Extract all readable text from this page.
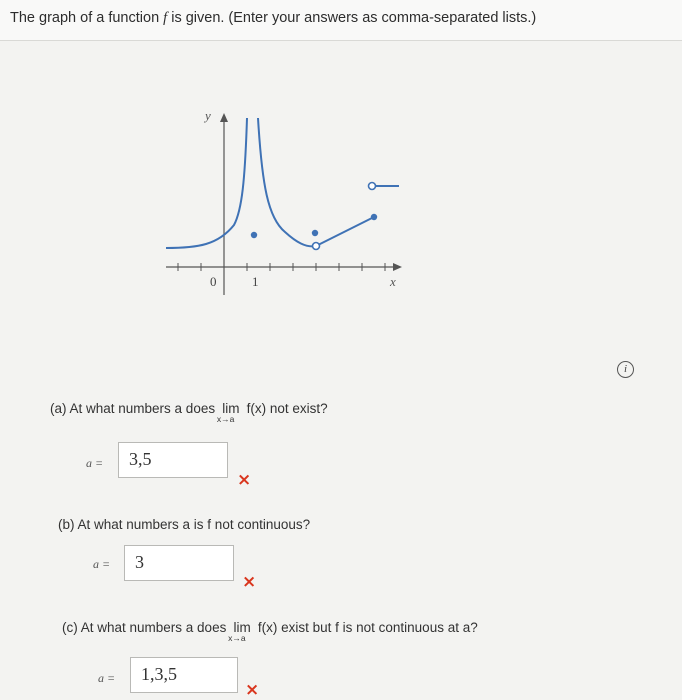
The graph of a function f is given. (Enter your answers as comma-separated lists.)
y
x
0	1
i
(a) At what numbers a does lim
x→a
f(x) not exist?
a =	3,5
×
(b) At what numbers a is f not continuous?
a =	3
×
(c) At what numbers a does lim
x→a
f(x) exist but f is not continuous at a?
a =	1,3,5
×
